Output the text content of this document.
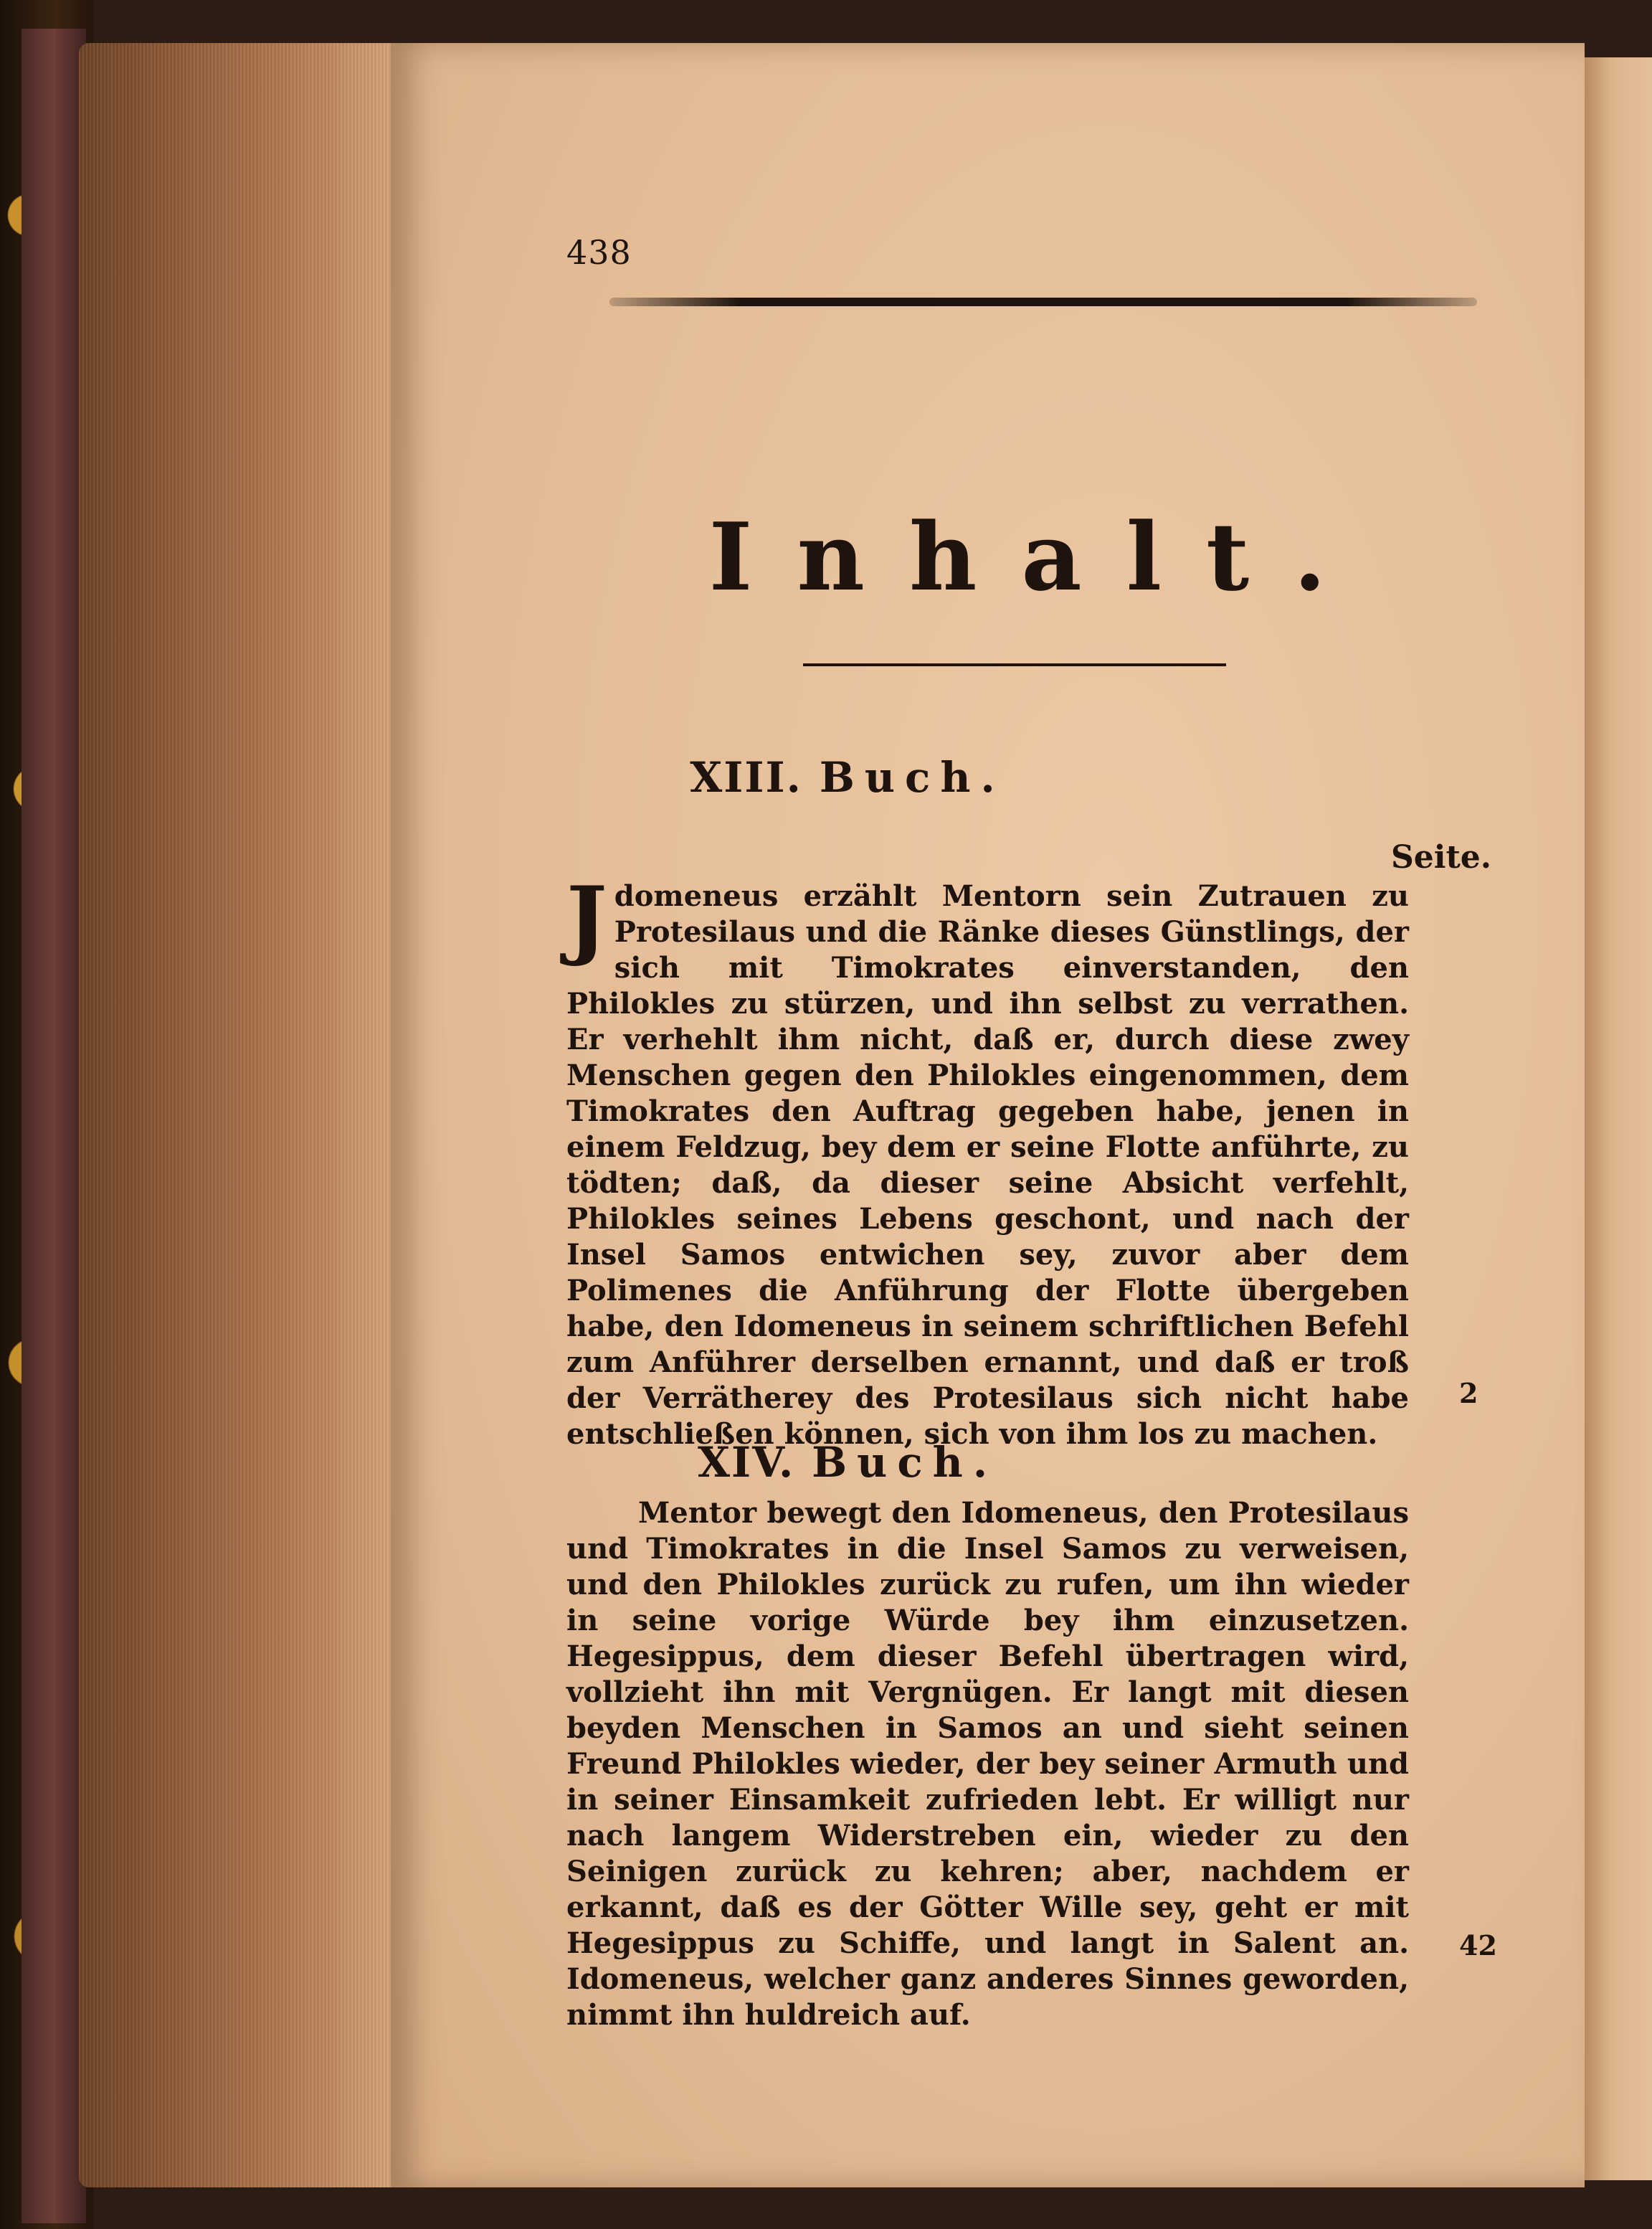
438
Inhalt.
XIII. Buch.
Seite.
Jdomeneus erzählt Mentorn sein Zutrauen zu Protesilaus und die Ränke dieses Günstlings, der sich mit Timokrates einverstanden, den Philokles zu stürzen, und ihn selbst zu verrathen. Er verhehlt ihm nicht, daß er, durch diese zwey Menschen gegen den Philokles eingenommen, dem Timokrates den Auftrag gegeben habe, jenen in einem Feldzug, bey dem er seine Flotte anführte, zu tödten; daß, da dieser seine Absicht verfehlt, Philokles seines Lebens geschont, und nach der Insel Samos entwichen sey, zuvor aber dem Polimenes die Anführung der Flotte übergeben habe, den Idomeneus in seinem schriftlichen Befehl zum Anführer derselben ernannt, und daß er troß der Verrätherey des Protesilaus sich nicht habe entschließen können, sich von ihm los zu machen.
2
XIV. Buch.
Mentor bewegt den Idomeneus, den Protesilaus und Timokrates in die Insel Samos zu verweisen, und den Philokles zurück zu rufen, um ihn wieder in seine vorige Würde bey ihm einzusetzen. Hegesippus, dem dieser Befehl übertragen wird, vollzieht ihn mit Vergnügen. Er langt mit diesen beyden Menschen in Samos an und sieht seinen Freund Philokles wieder, der bey seiner Armuth und in seiner Einsamkeit zufrieden lebt. Er willigt nur nach langem Widerstreben ein, wieder zu den Seinigen zurück zu kehren; aber, nachdem er erkannt, daß es der Götter Wille sey, geht er mit Hegesippus zu Schiffe, und langt in Salent an. Idomeneus, welcher ganz anderes Sinnes geworden, nimmt ihn huldreich auf.
42
